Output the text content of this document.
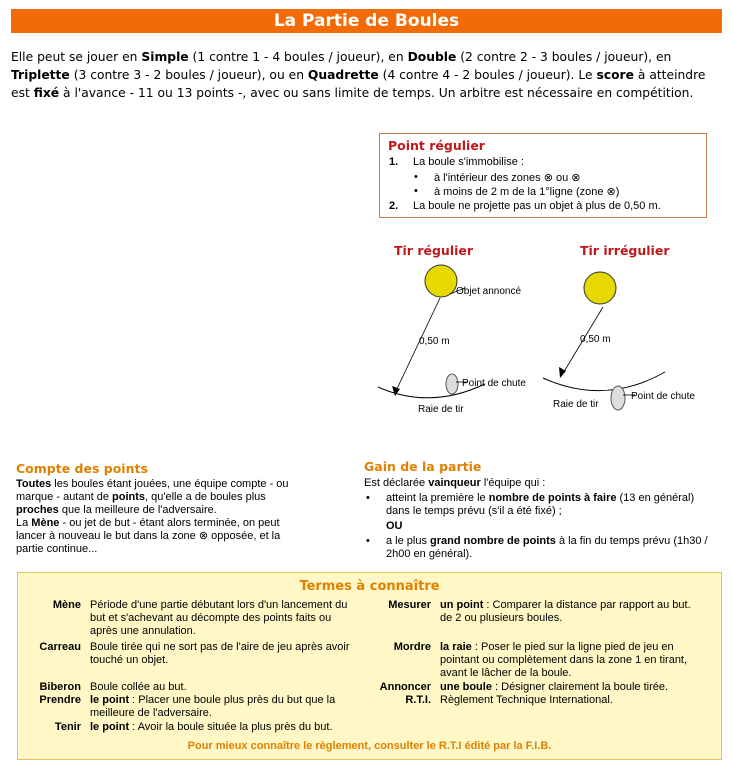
La Partie de Boules
Elle peut se jouer en Simple (1 contre 1 - 4 boules / joueur), en Double (2 contre 2 - 3 boules / joueur), en Triplette (3 contre 3 - 2 boules / joueur), ou en Quadrette (4 contre 4 - 2 boules / joueur). Le score à atteindre est fixé à l'avance - 11 ou 13 points -, avec ou sans limite de temps. Un arbitre est nécessaire en compétition.
Point régulier
1. La boule s'immobilise :
• à l'intérieur des zones ⊗ ou ⊗
• à moins de 2 m de la 1°ligne (zone ⊗)
2. La boule ne projette pas un objet à plus de 0,50 m.
Tir régulier
Objet annoncé
0,50 m
Point de chute
Raie de tir
Tir irrégulier
0,50 m
Point de chute
Raie de tir
Compte des points
Toutes les boules étant jouées, une équipe compte - ou marque - autant de points, qu'elle a de boules plus proches que la meilleure de l'adversaire.
La Mène - ou jet de but - étant alors terminée, on peut lancer à nouveau le but dans la zone ⊗ opposée, et la partie continue...
Gain de la partie
Est déclarée vainqueur l'équipe qui :
• atteint la première le nombre de points à faire (13 en général) dans le temps prévu (s'il a été fixé) ;
OU
• a le plus grand nombre de points à la fin du temps prévu (1h30 / 2h00 en général).
Termes à connaître
Mène Période d'une partie débutant lors d'un lancement du but et s'achevant au décompte des points faits ou après une annulation.
Carreau Boule tirée qui ne sort pas de l'aire de jeu après avoir touché un objet.
Biberon Boule collée au but.
Prendre le point : Placer une boule plus près du but que la meilleure de l'adversaire.
Tenir le point : Avoir la boule située la plus près du but.
Mesurer un point : Comparer la distance par rapport au but. de 2 ou plusieurs boules.
Mordre la raie : Poser le pied sur la ligne pied de jeu en pointant ou complètement dans la zone 1 en tirant, avant le lâcher de la boule.
Annoncer une boule : Désigner clairement la boule tirée.
R.T.I. Règlement Technique International.
Pour mieux connaître le règlement, consulter le R.T.I édité par la F.I.B.
